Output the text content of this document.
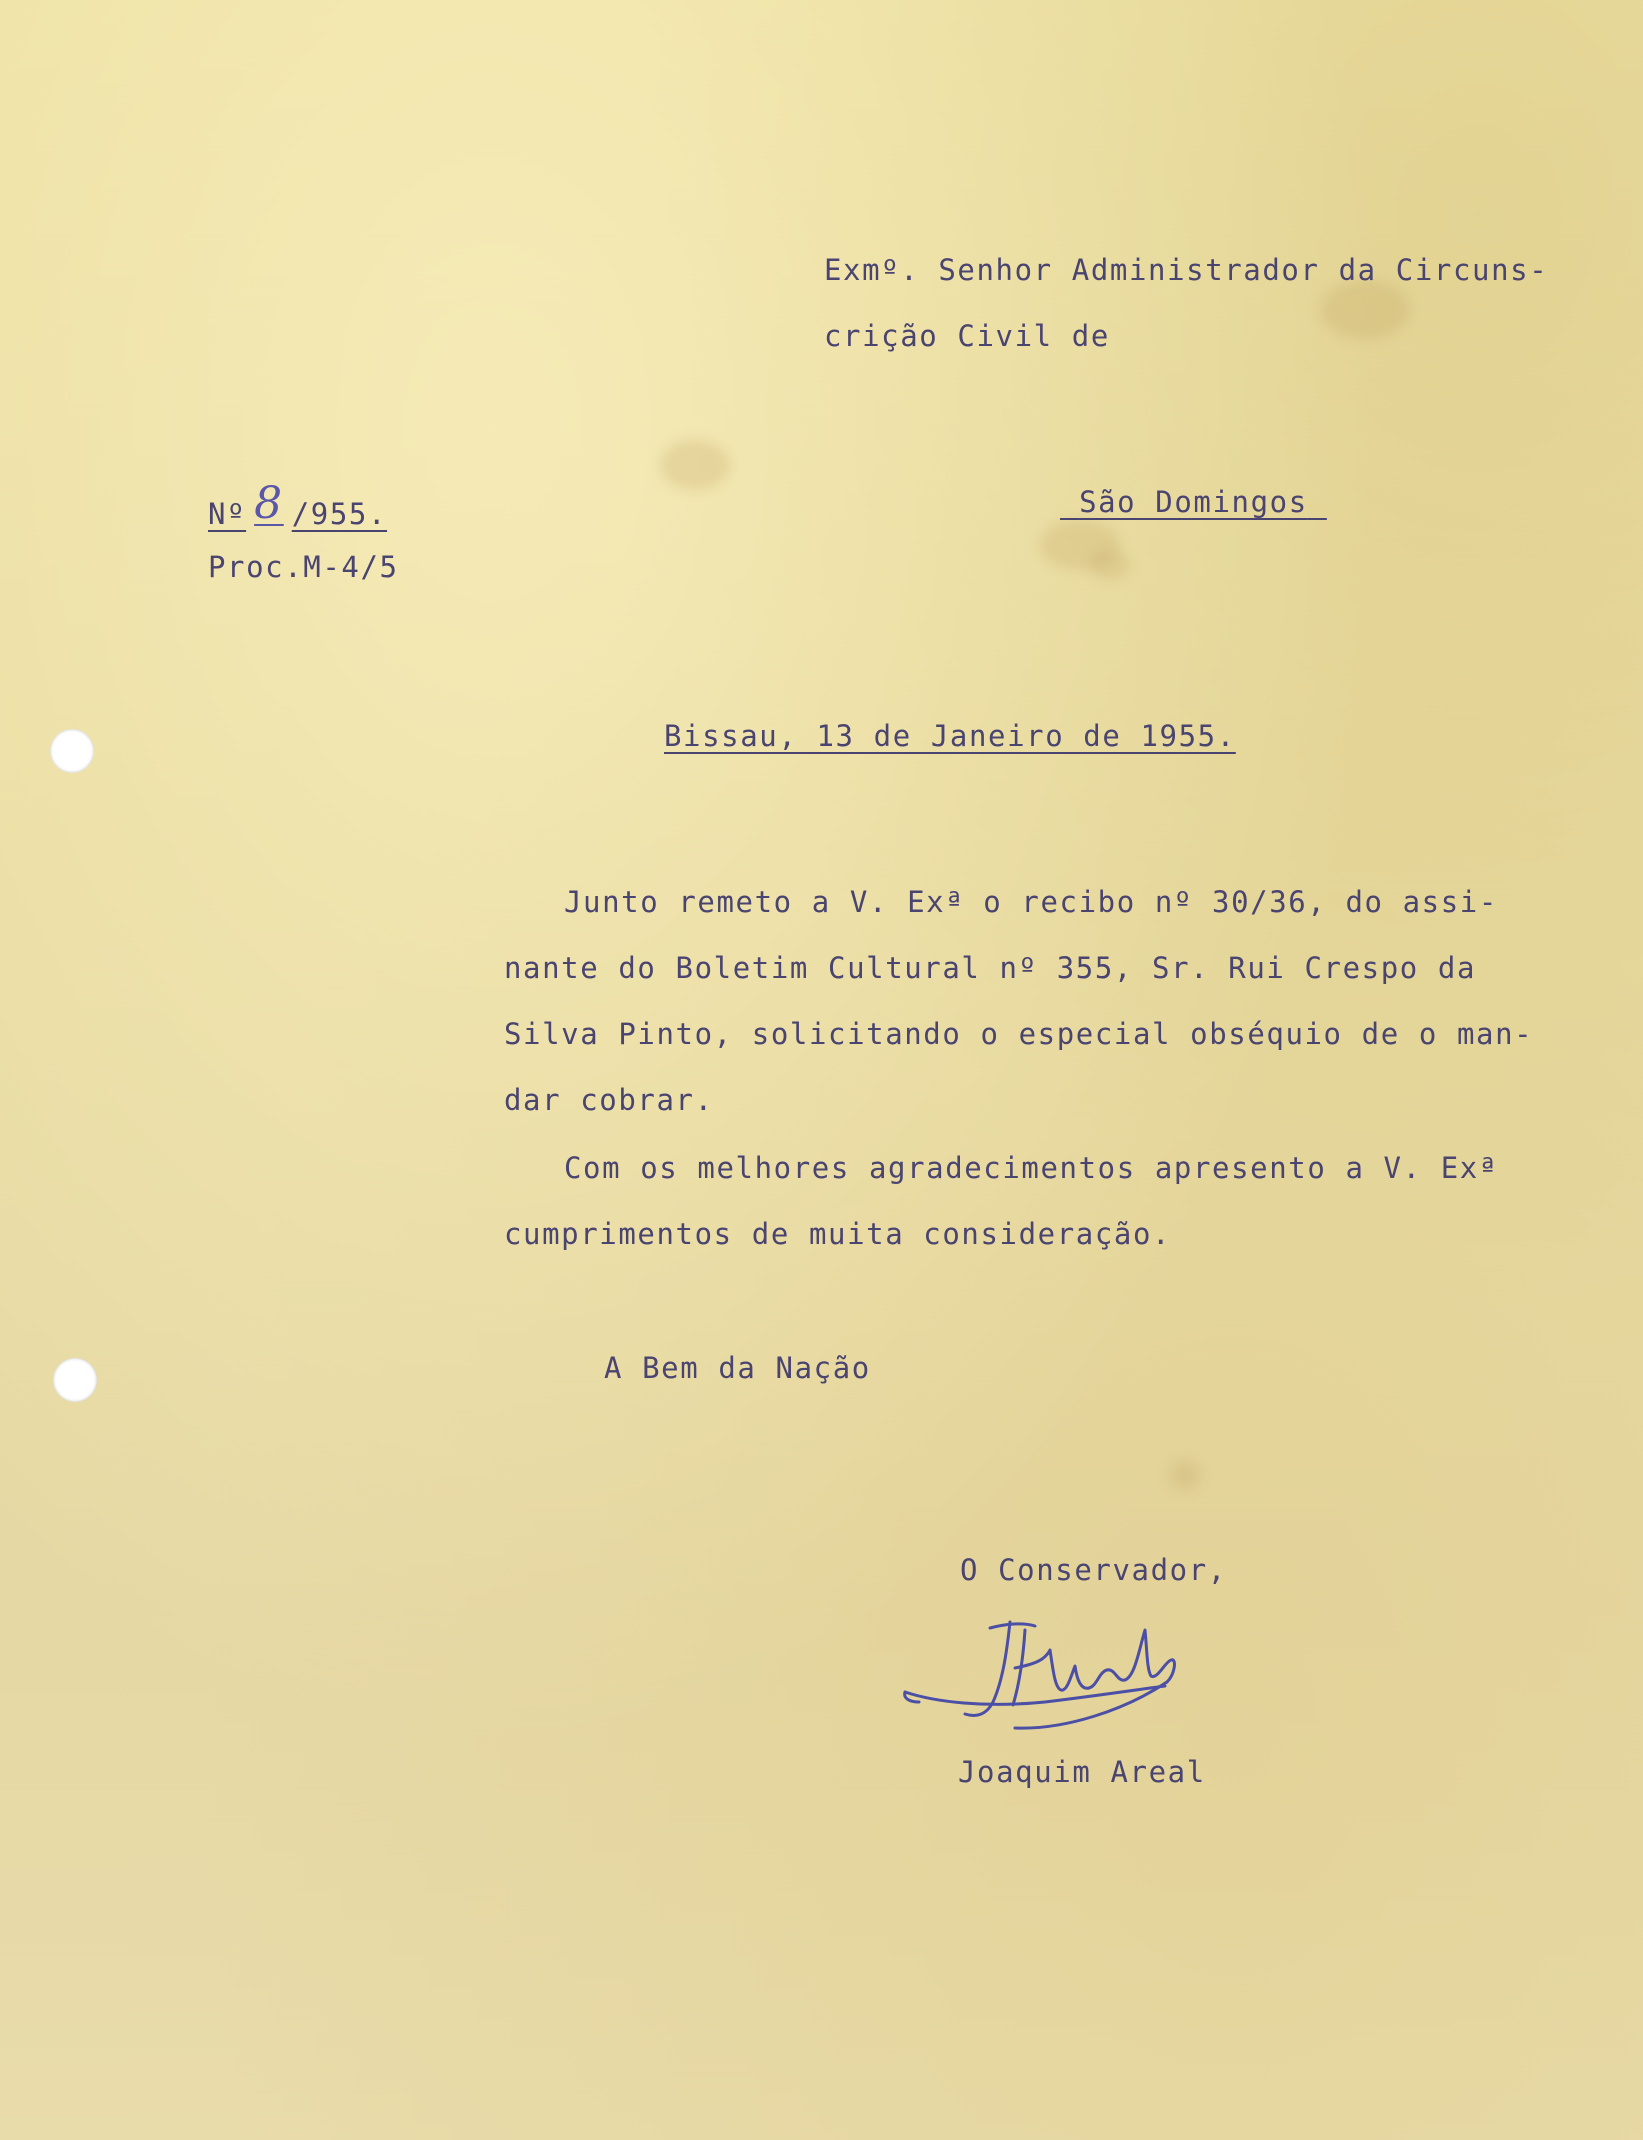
Exmº. Senhor Administrador da Circuns-
crição Civil de
Nº 8 /955.	São Domingos
Proc.M-4/5
Bissau, 13 de Janeiro de 1955.
Junto remeto a V. Exª o recibo nº 30/36, do assi-
nante do Boletim Cultural nº 355, Sr. Rui Crespo da
Silva Pinto, solicitando o especial obséquio de o man-
dar cobrar.
Com os melhores agradecimentos apresento a V. Exª
cumprimentos de muita consideração.
A Bem da Nação
O Conservador,
Joaquim Areal
